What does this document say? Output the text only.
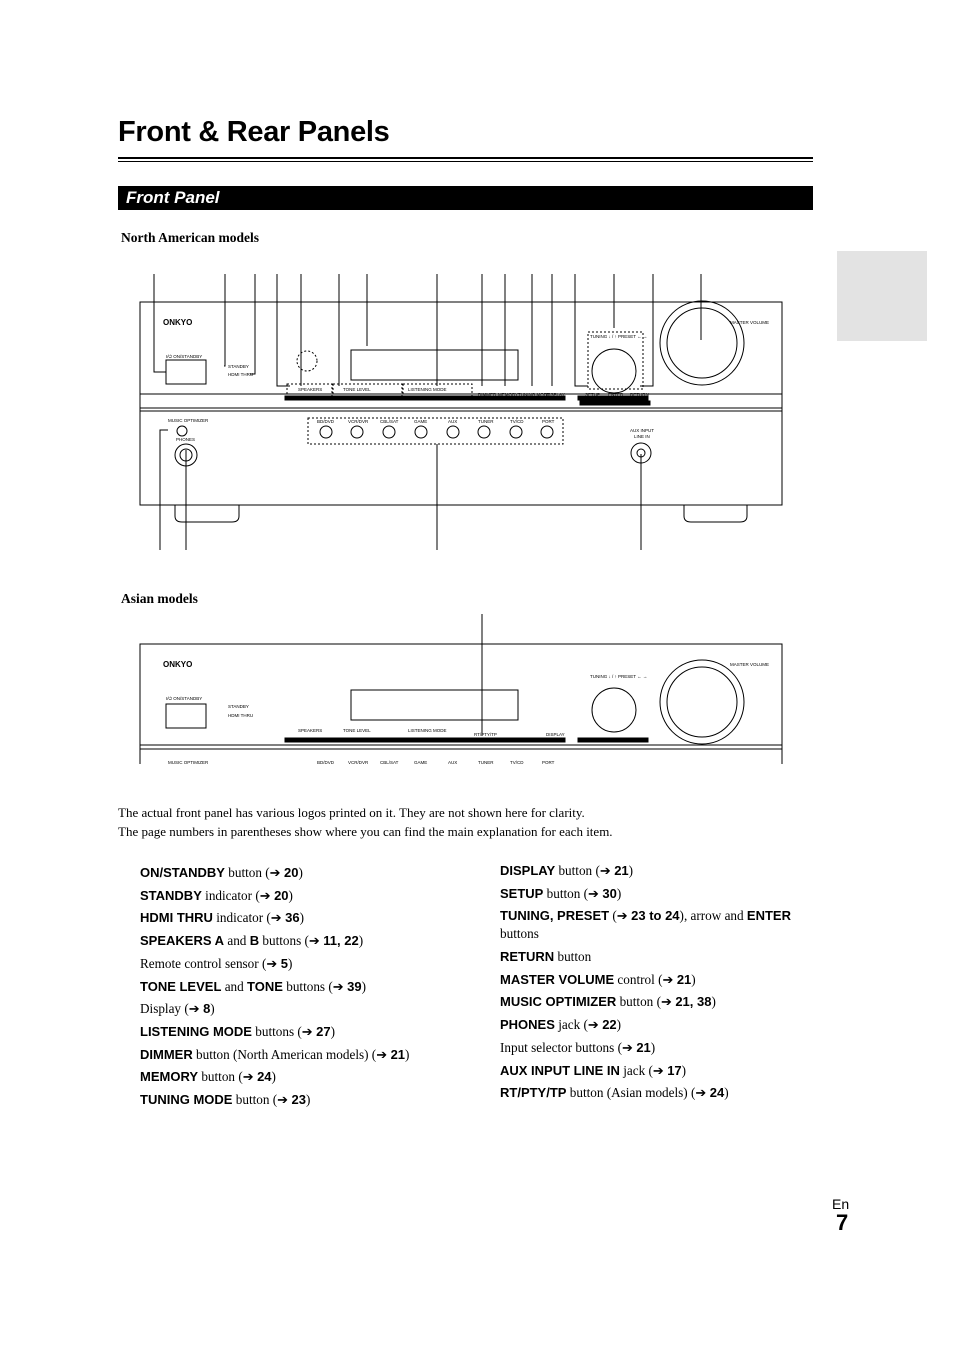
Front & Rear Panels
Front Panel
North American models
ONKYO
I/⏻ ON/STANDBY
STANDBY
HDMI THRU
SPEAKERS	TONE LEVEL	LISTENING MODE
DIMMER MEMORY TUNING MODE
DISPLAY
TUNING ↓ / ↑ PRESET ← →
SETUP ENTER RETURN
MASTER VOLUME
MUSIC OPTIMIZER
PHONES
AUX INPUT
LINE IN
BD/DVD	VCR/DVR	CBL/SAT	GAME	AUX	TUNER	TV/CD	PORT
Asian models
ONKYO
I/⏻ ON/STANDBY
STANDBY
HDMI THRU
SPEAKERS	TONE LEVEL	LISTENING MODE
RT/PTY/TP	DISPLAY
TUNING ↓ / ↑ PRESET ← →
MASTER VOLUME
MUSIC OPTIMIZER	BD/DVD	VCR/DVR	CBL/SAT	GAME	AUX	TUNER	TV/CD	PORT
The actual front panel has various logos printed on it. They are not shown here for clarity.
The page numbers in parentheses show where you can find the main explanation for each item.
ON/STANDBY button (➔ 20)
STANDBY indicator (➔ 20)
HDMI THRU indicator (➔ 36)
SPEAKERS A and B buttons (➔ 11, 22)
Remote control sensor (➔ 5)
TONE LEVEL and TONE buttons (➔ 39)
Display (➔ 8)
LISTENING MODE buttons (➔ 27)
DIMMER button (North American models) (➔ 21)
MEMORY button (➔ 24)
TUNING MODE button (➔ 23)
DISPLAY button (➔ 21)
SETUP button (➔ 30)
TUNING, PRESET (➔ 23 to 24), arrow and ENTER buttons
RETURN button
MASTER VOLUME control (➔ 21)
MUSIC OPTIMIZER button (➔ 21, 38)
PHONES jack (➔ 22)
Input selector buttons (➔ 21)
AUX INPUT LINE IN jack (➔ 17)
RT/PTY/TP button (Asian models) (➔ 24)
En
7
